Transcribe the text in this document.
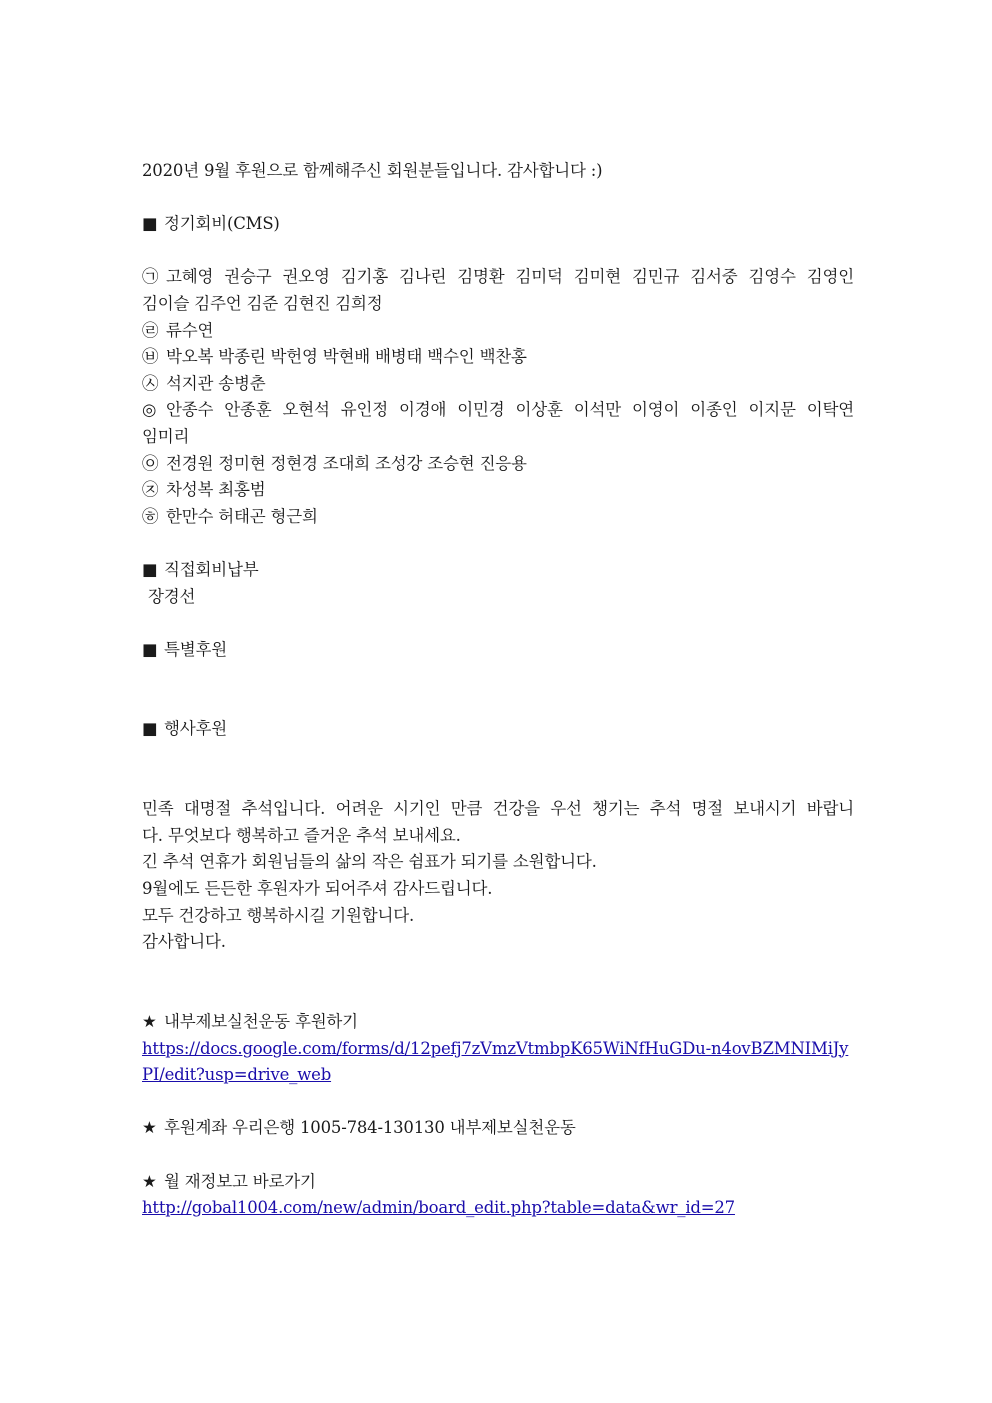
2020년 9월 후원으로 함께해주신 회원분들입니다. 감사합니다 :)
■ 정기회비(CMS)
㉠ 고혜영 권승구 권오영 김기홍 김나린 김명환 김미덕 김미현 김민규 김서중 김영수 김영인
김이슬 김주언 김준 김현진 김희정
㉣ 류수연
㉥ 박오복 박종린 박헌영 박현배 배병태 백수인 백찬홍
㉦ 석지관 송병춘
◎ 안종수 안종훈 오현석 유인정 이경애 이민경 이상훈 이석만 이영이 이종인 이지문 이탁연
임미리
㉧ 전경원 정미현 정현경 조대희 조성강 조승현 진응용
㉨ 차성복 최홍범
㉭ 한만수 허태곤 형근희
■ 직접회비납부
장경선
■ 특별후원
■ 행사후원
민족 대명절 추석입니다. 어려운 시기인 만큼 건강을 우선 챙기는 추석 명절 보내시기 바랍니
다. 무엇보다 행복하고 즐거운 추석 보내세요.
긴 추석 연휴가 회원님들의 삶의 작은 쉼표가 되기를 소원합니다.
9월에도 든든한 후원자가 되어주셔 감사드립니다.
모두 건강하고 행복하시길 기원합니다.
감사합니다.
★ 내부제보실천운동 후원하기
https://docs.google.com/forms/d/12pefj7zVmzVtmbpK65WiNfHuGDu-n4ovBZMNIMiJyPI/edit?usp=drive_web
★ 후원계좌 우리은행 1005-784-130130 내부제보실천운동
★ 월 재정보고 바로가기
http://gobal1004.com/new/admin/board_edit.php?table=data&wr_id=27
